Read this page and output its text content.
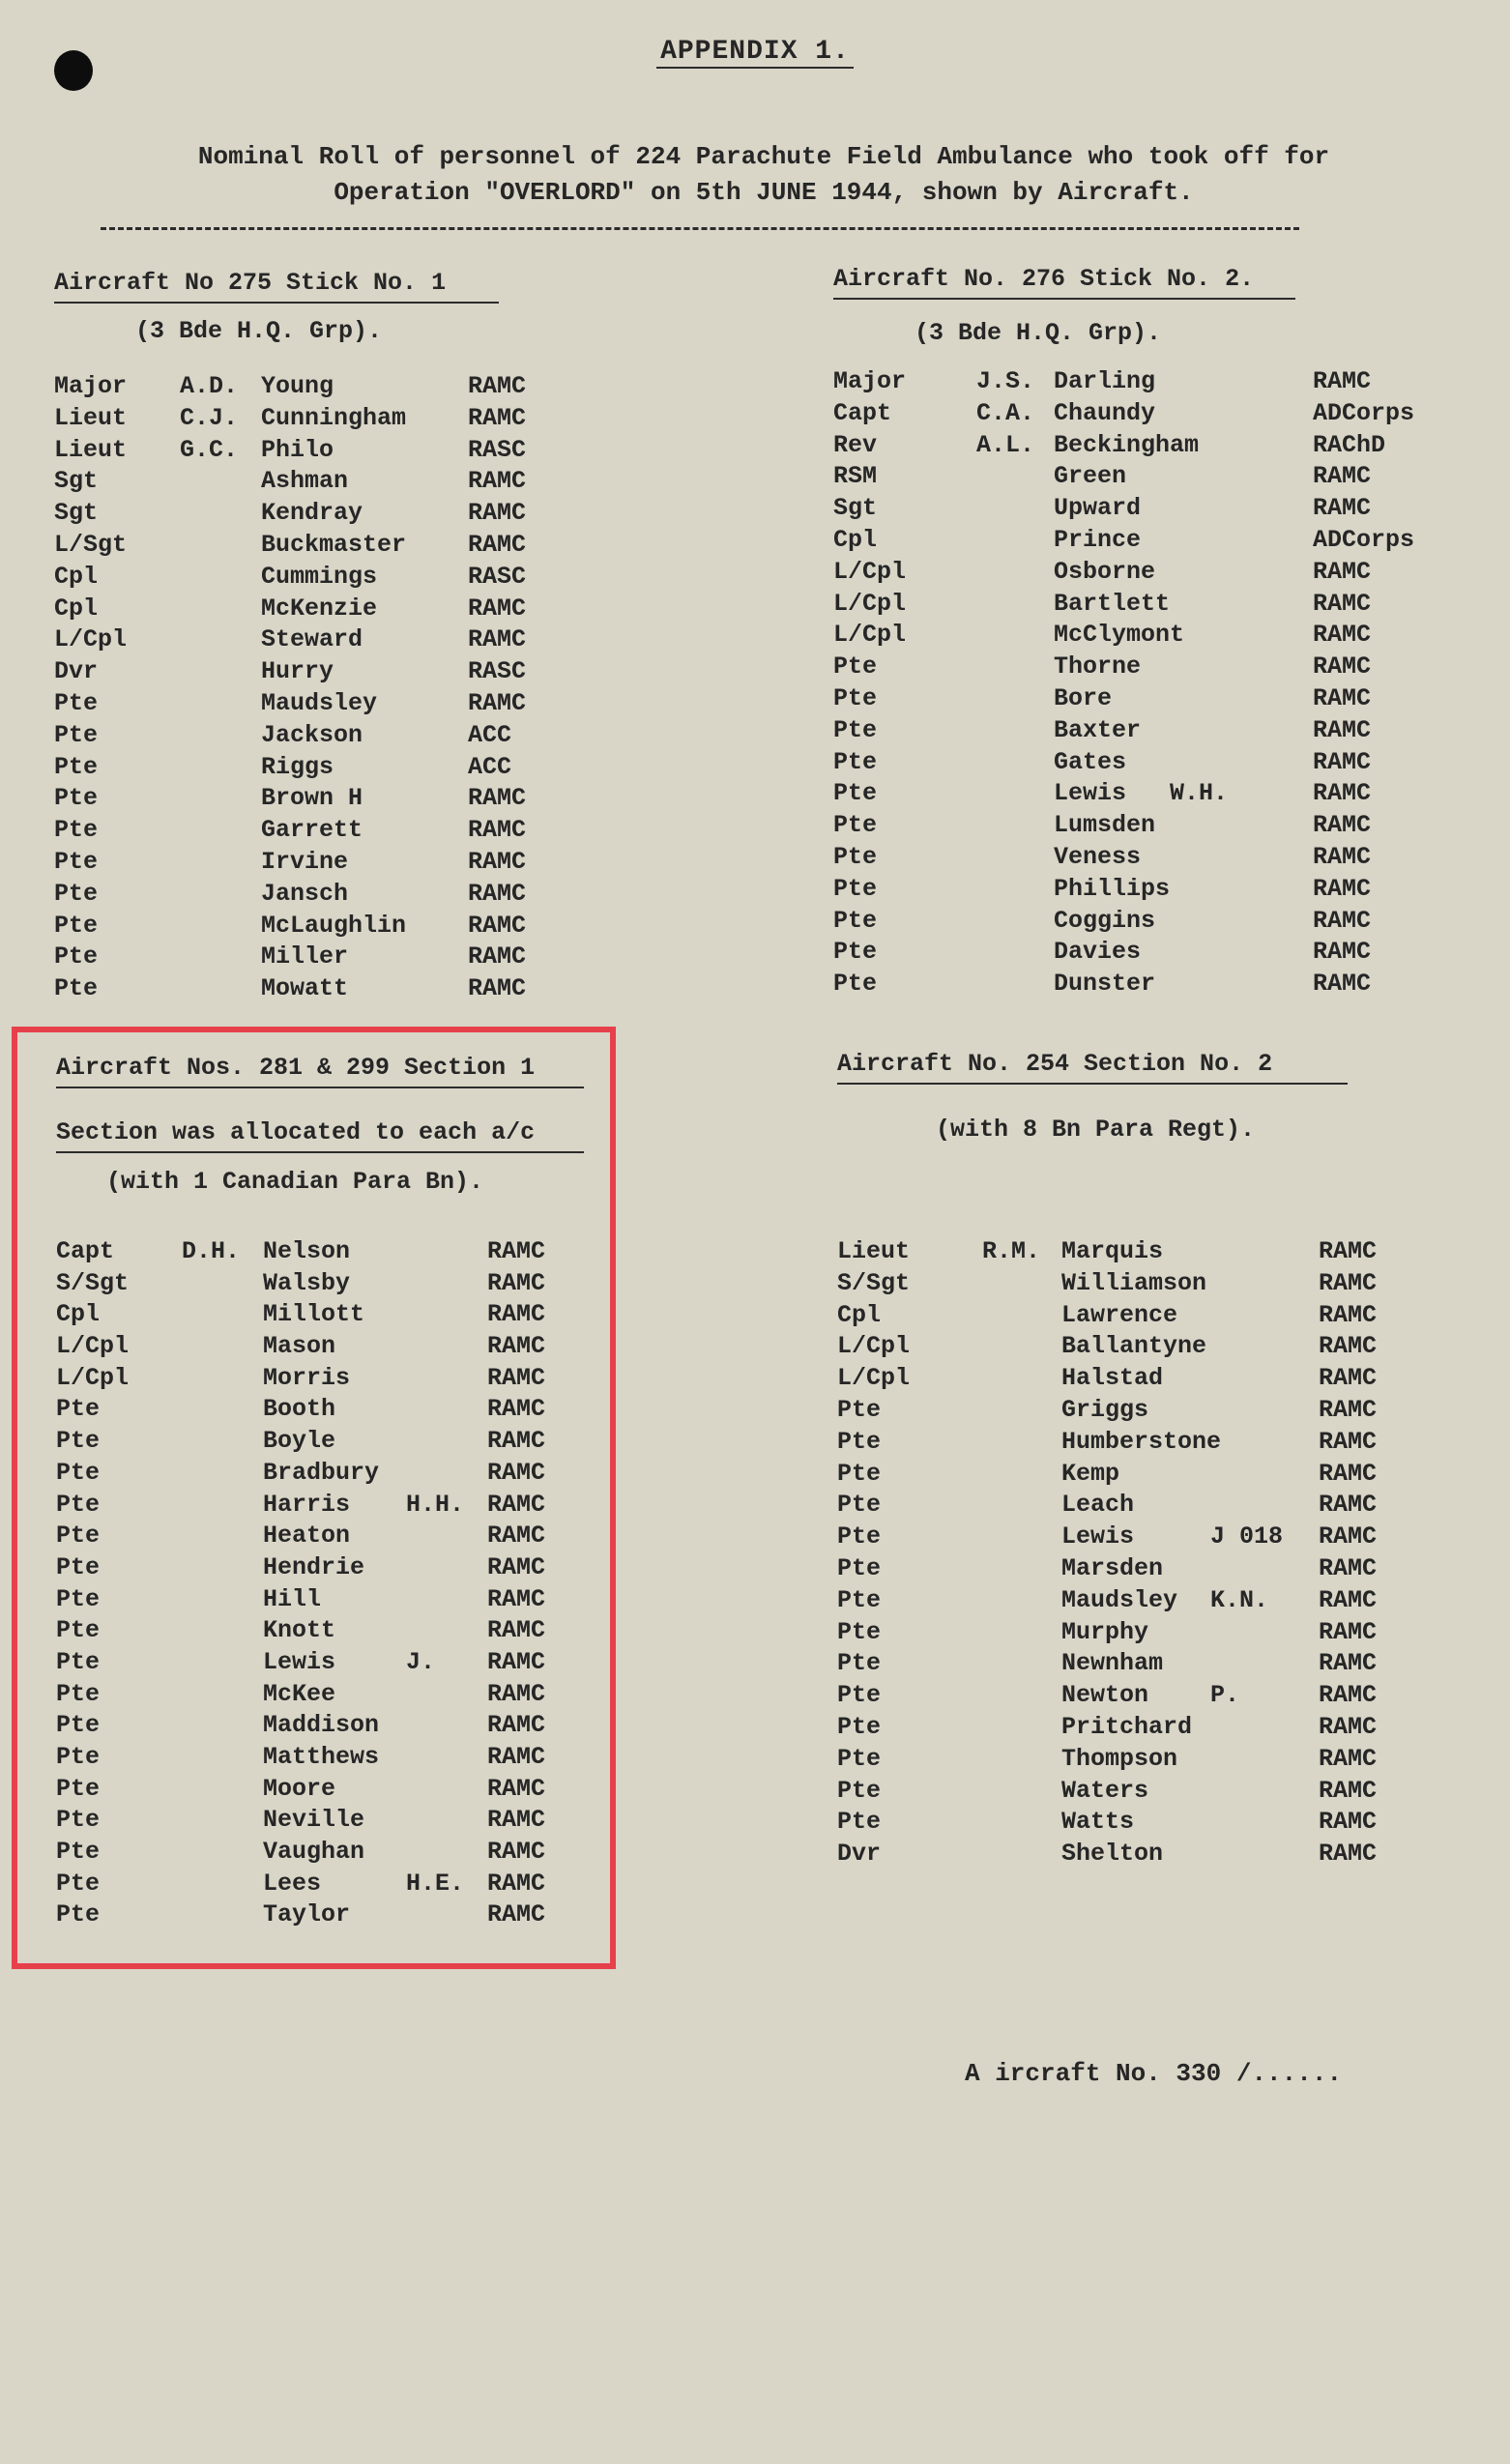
APPENDIX 1.
Nominal Roll of personnel of 224 Parachute Field Ambulance who took off for
Operation "OVERLORD" on 5th JUNE 1944, shown by Aircraft.
Aircraft No 275 Stick No. 1
(3 Bde H.Q. Grp).
Major A.D. Young	RAMC
Lieut C.J. Cunningham	RAMC
Lieut G.C. Philo	RASC
Sgt	Ashman	RAMC
Sgt	Kendray	RAMC
L/Sgt	Buckmaster	RAMC
Cpl	Cummings	RASC
Cpl	McKenzie	RAMC
L/Cpl	Steward	RAMC
Dvr	Hurry	RASC
Pte	Maudsley	RAMC
Pte	Jackson	ACC
Pte	Riggs	ACC
Pte	Brown H	RAMC
Pte	Garrett	RAMC
Pte	Irvine	RAMC
Pte	Jansch	RAMC
Pte	McLaughlin	RAMC
Pte	Miller	RAMC
Pte	Mowatt	RAMC
Aircraft No. 276 Stick No. 2.
(3 Bde H.Q. Grp).
Major	J.S. Darling	RAMC
Capt	C.A. Chaundy	ADCorps
Rev	A.L. Beckingham	RAChD
RSM	Green	RAMC
Sgt	Upward	RAMC
Cpl	Prince	ADCorps
L/Cpl	Osborne	RAMC
L/Cpl	Bartlett	RAMC
L/Cpl	McClymont	RAMC
Pte	Thorne	RAMC
Pte	Bore	RAMC
Pte	Baxter	RAMC
Pte	Gates	RAMC
Pte	Lewis W.H.	RAMC
Pte	Lumsden	RAMC
Pte	Veness	RAMC
Pte	Phillips	RAMC
Pte	Coggins	RAMC
Pte	Davies	RAMC
Pte	Dunster	RAMC
Aircraft Nos. 281 & 299 Section 1
Section was allocated to each a/c
(with 1 Canadian Para Bn).
Capt	D.H. Nelson	RAMC
S/Sgt	Walsby	RAMC
Cpl	Millott	RAMC
L/Cpl	Mason	RAMC
L/Cpl	Morris	RAMC
Pte	Booth	RAMC
Pte	Boyle	RAMC
Pte	Bradbury	RAMC
Pte	Harris H.H. RAMC
Pte	Heaton	RAMC
Pte	Hendrie	RAMC
Pte	Hill	RAMC
Pte	Knott	RAMC
Pte	Lewis	J. RAMC
Pte	McKee	RAMC
Pte	Maddison	RAMC
Pte	Matthews	RAMC
Pte	Moore	RAMC
Pte	Neville	RAMC
Pte	Vaughan	RAMC
Pte	Lees	H.E. RAMC
Pte	Taylor	RAMC
Aircraft No. 254 Section No. 2
(with 8 Bn Para Regt).
Lieut	R.M. Marquis	RAMC
S/Sgt	Williamson	RAMC
Cpl	Lawrence	RAMC
L/Cpl	Ballantyne	RAMC
L/Cpl	Halstad	RAMC
Pte	Griggs	RAMC
Pte	Humberstone	RAMC
Pte	Kemp	RAMC
Pte	Leach	RAMC
Pte	Lewis	J 018 RAMC
Pte	Marsden	RAMC
Pte	Maudsley K.N. RAMC
Pte	Murphy	RAMC
Pte	Newnham	RAMC
Pte	Newton	P.	RAMC
Pte	Pritchard	RAMC
Pte	Thompson	RAMC
Pte	Waters	RAMC
Pte	Watts	RAMC
Dvr	Shelton	RAMC
A ircraft No. 330 /......
